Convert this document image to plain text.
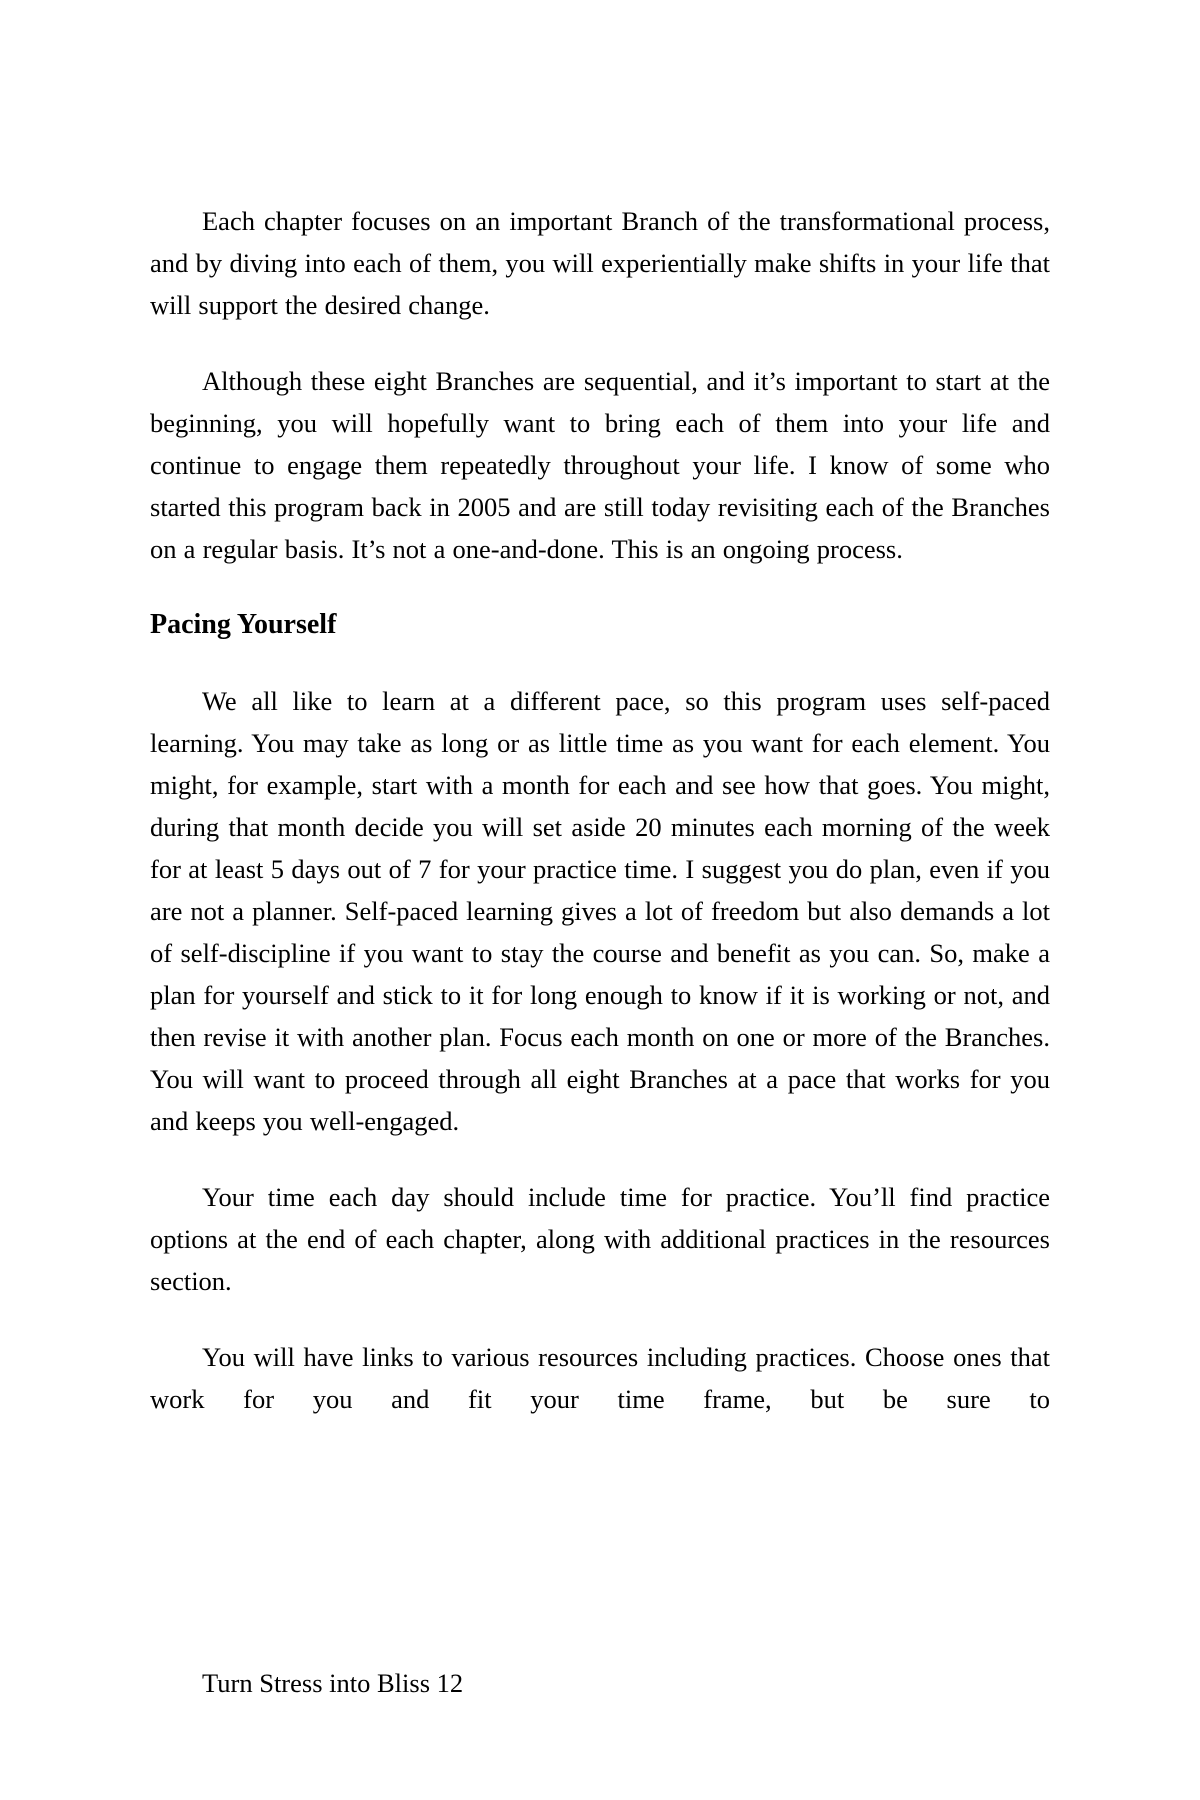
Each chapter focuses on an important Branch of the transformational process, and by diving into each of them, you will experientially make shifts in your life that will support the desired change.

Although these eight Branches are sequential, and it’s important to start at the beginning, you will hopefully want to bring each of them into your life and continue to engage them repeatedly throughout your life. I know of some who started this program back in 2005 and are still today revisiting each of the Branches on a regular basis. It’s not a one-and-done. This is an ongoing process.

Pacing Yourself

We all like to learn at a different pace, so this program uses self-paced learning. You may take as long or as little time as you want for each element. You might, for example, start with a month for each and see how that goes. You might, during that month decide you will set aside 20 minutes each morning of the week for at least 5 days out of 7 for your practice time. I suggest you do plan, even if you are not a planner. Self-paced learning gives a lot of freedom but also demands a lot of self-discipline if you want to stay the course and benefit as you can. So, make a plan for yourself and stick to it for long enough to know if it is working or not, and then revise it with another plan. Focus each month on one or more of the Branches. You will want to proceed through all eight Branches at a pace that works for you and keeps you well-engaged.

Your time each day should include time for practice. You’ll find practice options at the end of each chapter, along with additional practices in the resources section.

You will have links to various resources including practices. Choose ones that work for you and fit your time frame, but be sure to

Turn Stress into Bliss 12
